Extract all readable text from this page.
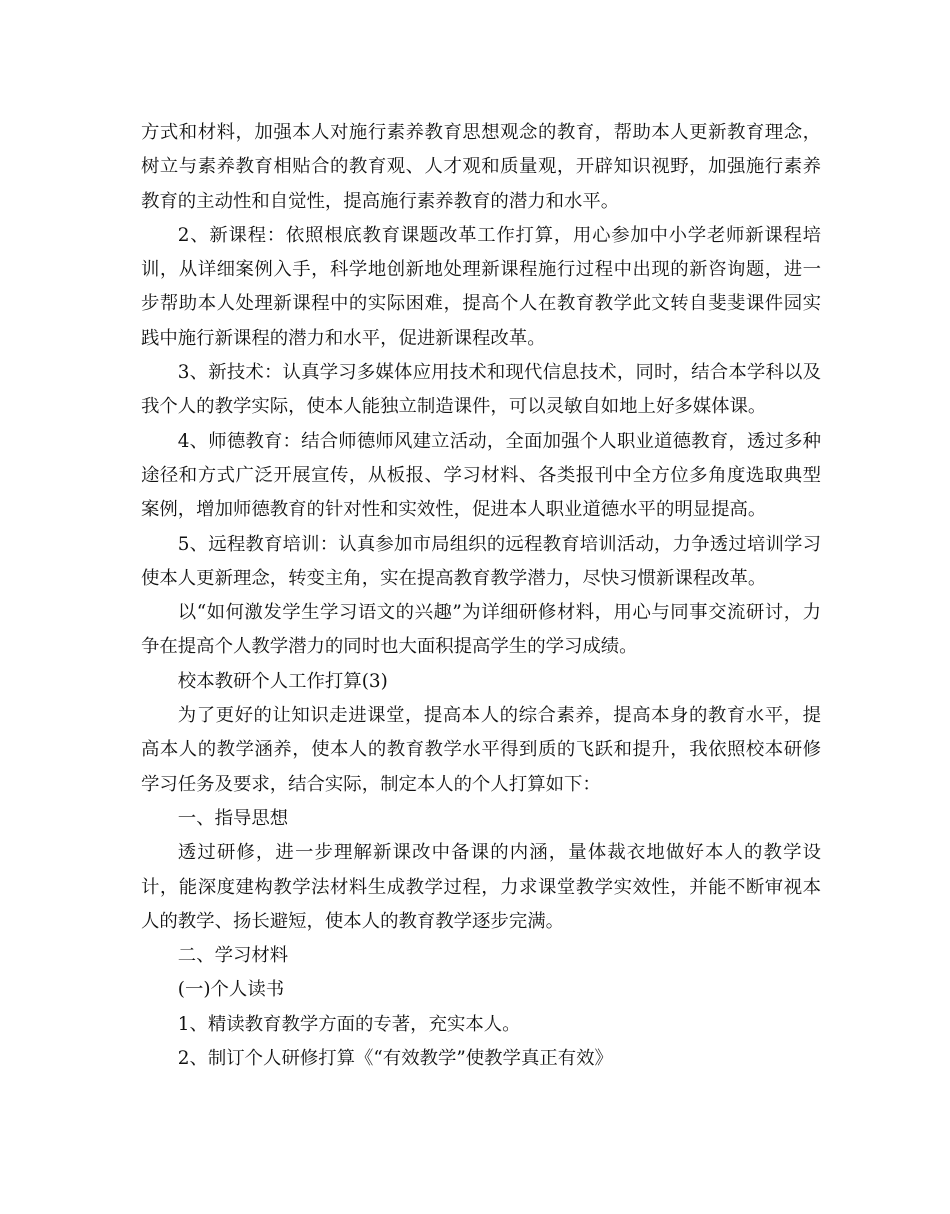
方式和材料，加强本人对施行素养教育思想观念的教育，帮助本人更新教育理念，树立与素养教育相贴合的教育观、人才观和质量观，开辟知识视野，加强施行素养教育的主动性和自觉性，提高施行素养教育的潜力和水平。

2、新课程：依照根底教育课题改革工作打算，用心参加中小学老师新课程培训，从详细案例入手，科学地创新地处理新课程施行过程中出现的新咨询题，进一步帮助本人处理新课程中的实际困难，提高个人在教育教学此文转自斐斐课件园实践中施行新课程的潜力和水平，促进新课程改革。

3、新技术：认真学习多媒体应用技术和现代信息技术，同时，结合本学科以及我个人的教学实际，使本人能独立制造课件，可以灵敏自如地上好多媒体课。

4、师德教育：结合师德师风建立活动，全面加强个人职业道德教育，透过多种途径和方式广泛开展宣传，从板报、学习材料、各类报刊中全方位多角度选取典型案例，增加师德教育的针对性和实效性，促进本人职业道德水平的明显提高。

5、远程教育培训：认真参加市局组织的远程教育培训活动，力争透过培训学习使本人更新理念，转变主角，实在提高教育教学潜力，尽快习惯新课程改革。

以“如何激发学生学习语文的兴趣”为详细研修材料，用心与同事交流研讨，力争在提高个人教学潜力的同时也大面积提高学生的学习成绩。

校本教研个人工作打算(3)

为了更好的让知识走进课堂，提高本人的综合素养，提高本身的教育水平，提高本人的教学涵养，使本人的教育教学水平得到质的飞跃和提升，我依照校本研修学习任务及要求，结合实际，制定本人的个人打算如下：

一、指导思想

透过研修，进一步理解新课改中备课的内涵，量体裁衣地做好本人的教学设计，能深度建构教学法材料生成教学过程，力求课堂教学实效性，并能不断审视本人的教学、扬长避短，使本人的教育教学逐步完满。

二、学习材料

(一)个人读书

1、精读教育教学方面的专著，充实本人。

2、制订个人研修打算《“有效教学”使教学真正有效》
